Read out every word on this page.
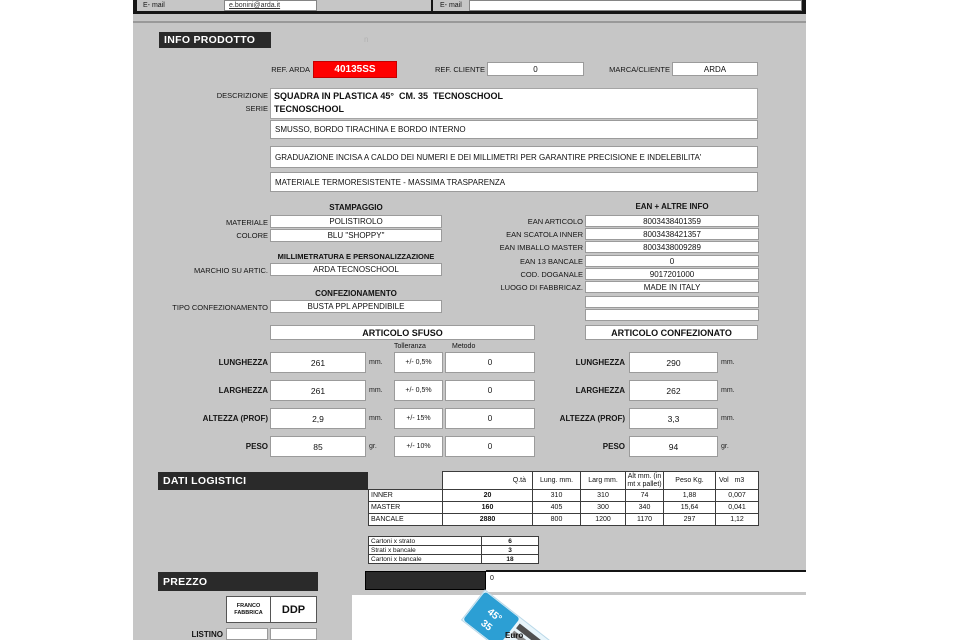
E- mail	e.bonini@arda.it	E- mail
INFO PRODOTTO	n
REF. ARDA	40135SS	REF. CLIENTE	0	MARCA/CLIENTE	ARDA
DESCRIZIONE SQUADRA IN PLASTICA 45°  CM. 35  TECNOSCHOOL
SERIE TECNOSCHOOL
SMUSSO, BORDO TIRACHINA E BORDO INTERNO
GRADUAZIONE INCISA A CALDO DEI NUMERI E DEI MILLIMETRI PER GARANTIRE PRECISIONE E INDELEBILITA'
MATERIALE TERMORESISTENTE - MASSIMA TRASPARENZA
STAMPAGGIO
MATERIALE	POLISTIROLO
COLORE	BLU "SHOPPY"
MILLIMETRATURA E PERSONALIZZAZIONE
MARCHIO SU ARTIC.	ARDA TECNOSCHOOL
CONFEZIONAMENTO
TIPO CONFEZIONAMENTO	BUSTA PPL APPENDIBILE
EAN + ALTRE INFO
EAN ARTICOLO	8003438401359
EAN SCATOLA INNER	8003438421357
EAN IMBALLO MASTER	8003438009289
EAN 13 BANCALE	0
COD. DOGANALE	9017201000
LUOGO DI FABBRICAZ.	MADE IN ITALY
ARTICOLO SFUSO
Tolleranza	Metodo
LUNGHEZZA	261	mm.	+/- 0,5%	0
LARGHEZZA	261	mm.	+/- 0,5%	0
ALTEZZA (PROF)	2,9	mm.	+/- 15%	0
PESO	85	gr.	+/- 10%	0
ARTICOLO CONFEZIONATO
LUNGHEZZA	290	mm.
LARGHEZZA	262	mm.
ALTEZZA (PROF)	3,3	mm.
PESO	94	gr.
DATI LOGISTICI
		Q.tà	Lung. mm.	Larg mm.	Alt mm. (in mt x pallet)	Peso Kg.	Vol   m3
INNER	20	310	310	74	1,88	0,007
MASTER	160	405	300	340	15,64	0,041
BANCALE	2880	800	1200	1170	297	1,12
Cartoni x strato	6
Strati x bancale	3
Cartoni x bancale	18
PREZZO	0
45°
35
FRANCO FABBRICA	DDP
LISTINO	Euro
